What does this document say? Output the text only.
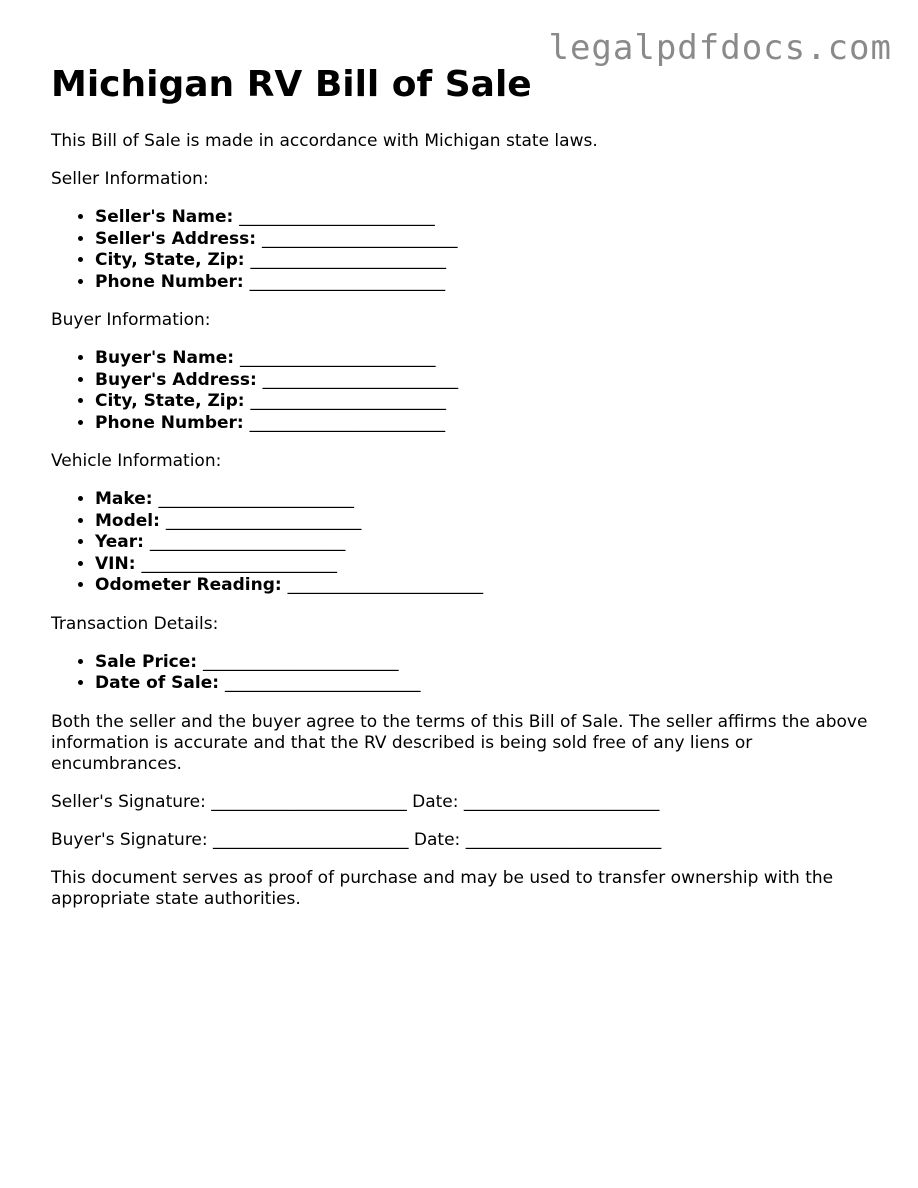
legalpdfdocs.com
Michigan RV Bill of Sale

This Bill of Sale is made in accordance with Michigan state laws.

Seller Information:

• Seller's Name: _______________________
• Seller's Address: _______________________
• City, State, Zip: _______________________
• Phone Number: _______________________

Buyer Information:

• Buyer's Name: _______________________
• Buyer's Address: _______________________
• City, State, Zip: _______________________
• Phone Number: _______________________

Vehicle Information:

• Make: _______________________
• Model: _______________________
• Year: _______________________
• VIN: _______________________
• Odometer Reading: _______________________

Transaction Details:

• Sale Price: _______________________
• Date of Sale: _______________________

Both the seller and the buyer agree to the terms of this Bill of Sale. The seller affirms the above information is accurate and that the RV described is being sold free of any liens or encumbrances.

Seller's Signature: _______________________ Date: _______________________

Buyer's Signature: _______________________ Date: _______________________

This document serves as proof of purchase and may be used to transfer ownership with the appropriate state authorities.
